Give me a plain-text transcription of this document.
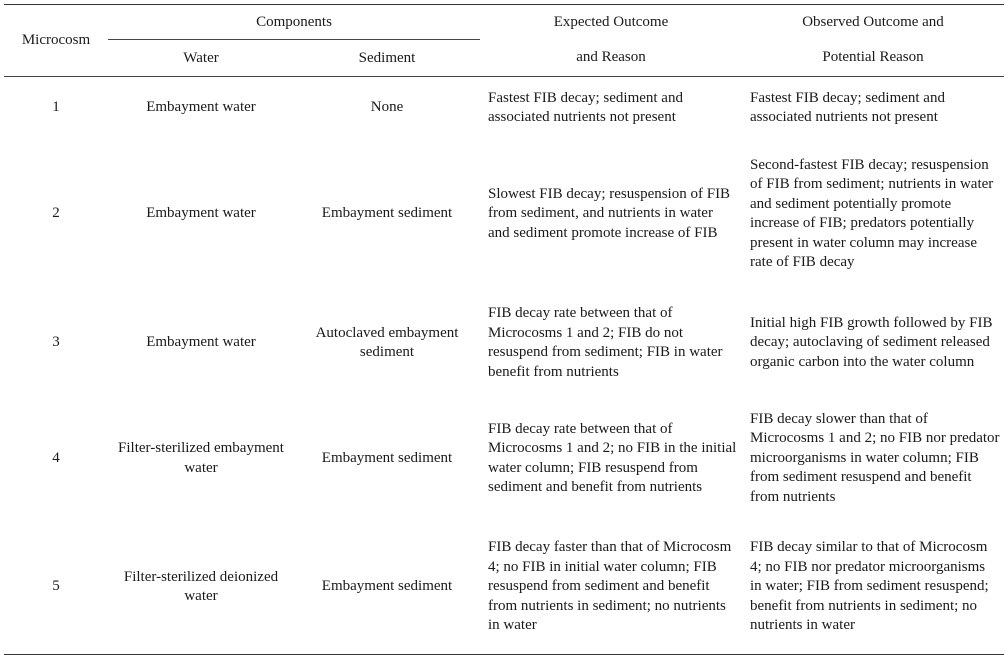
Microcosm	Components		Expected Outcome	Observed Outcome and
	Water	Sediment	and Reason	Potential Reason
1	Embayment water	None	Fastest FIB decay; sediment and associated nutrients not present	Fastest FIB decay; sediment and associated nutrients not present
2	Embayment water	Embayment sediment	Slowest FIB decay; resuspension of FIB from sediment, and nutrients in water and sediment promote increase of FIB	Second-fastest FIB decay; resuspension of FIB from sediment; nutrients in water and sediment potentially promote increase of FIB; predators potentially present in water column may increase rate of FIB decay
3	Embayment water	Autoclaved embayment sediment	FIB decay rate between that of Microcosms 1 and 2; FIB do not resuspend from sediment; FIB in water benefit from nutrients	Initial high FIB growth followed by FIB decay; autoclaving of sediment released organic carbon into the water column
4	Filter-sterilized embayment water	Embayment sediment	FIB decay rate between that of Microcosms 1 and 2; no FIB in the initial water column; FIB resuspend from sediment and benefit from nutrients	FIB decay slower than that of Microcosms 1 and 2; no FIB nor predator microorganisms in water column; FIB from sediment resuspend and benefit from nutrients
5	Filter-sterilized deionized water	Embayment sediment	FIB decay faster than that of Microcosm 4; no FIB in initial water column; FIB resuspend from sediment and benefit from nutrients in sediment; no nutrients in water	FIB decay similar to that of Microcosm 4; no FIB nor predator microorganisms in water; FIB from sediment resuspend; benefit from nutrients in sediment; no nutrients in water
